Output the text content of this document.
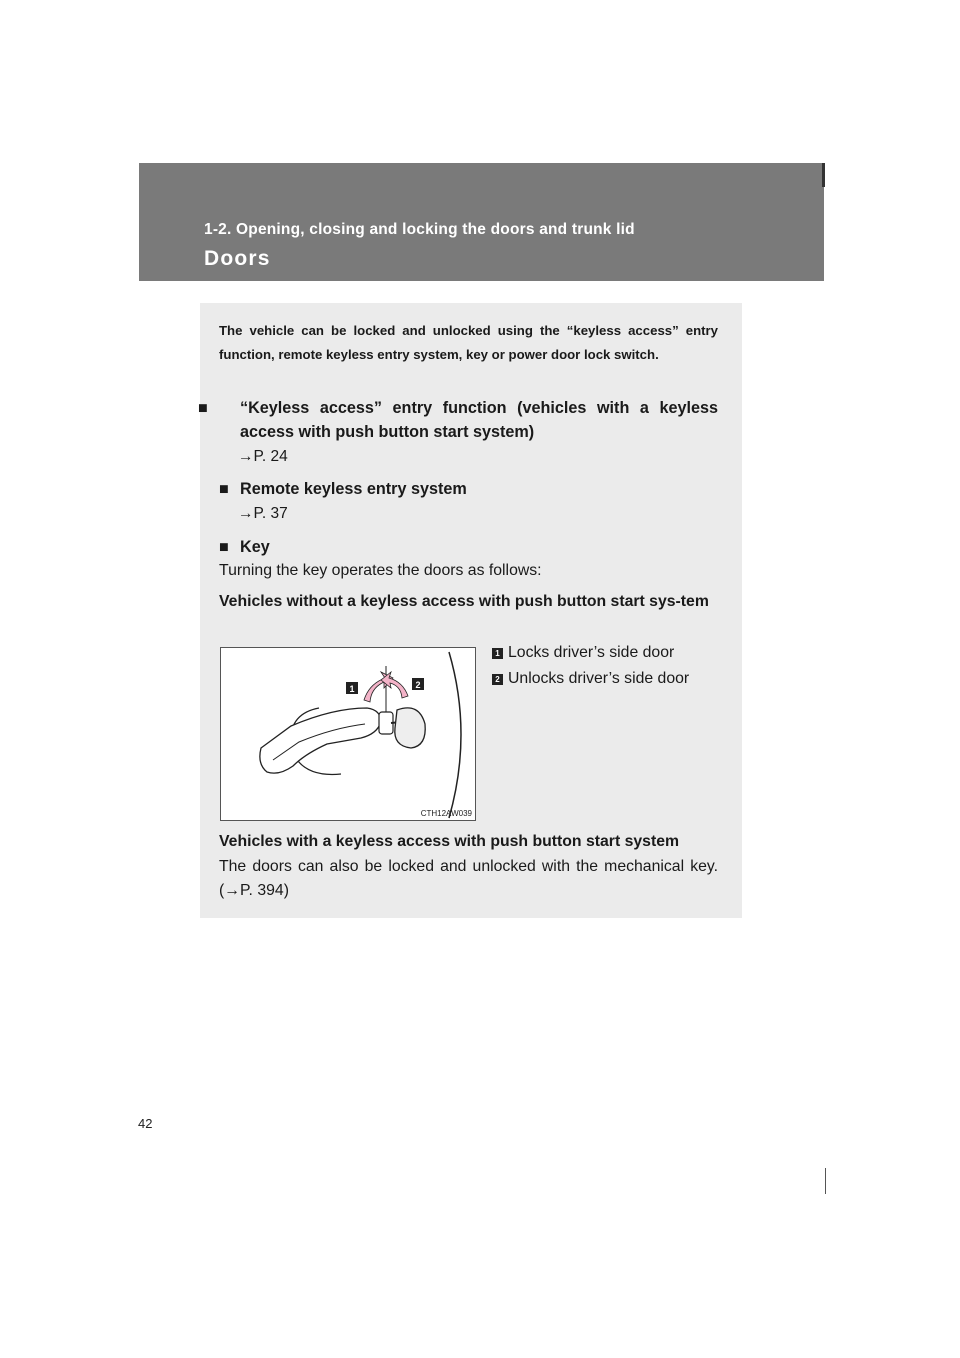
1-2. Opening, closing and locking the doors and trunk lid
Doors

The vehicle can be locked and unlocked using the “keyless access” entry function, remote keyless entry system, key or power door lock switch.

■ “Keyless access” entry function (vehicles with a keyless access with push button start system)

→P. 24

■ Remote keyless entry system

→P. 37

■ Key

Turning the key operates the doors as follows:

Vehicles without a keyless access with push button start sys-tem

1	2
CTH12AW039
1 Locks driver’s side door
2 Unlocks driver’s side door

Vehicles with a keyless access with push button start system

The doors can also be locked and unlocked with the mechanical key. (→P. 394)

42
